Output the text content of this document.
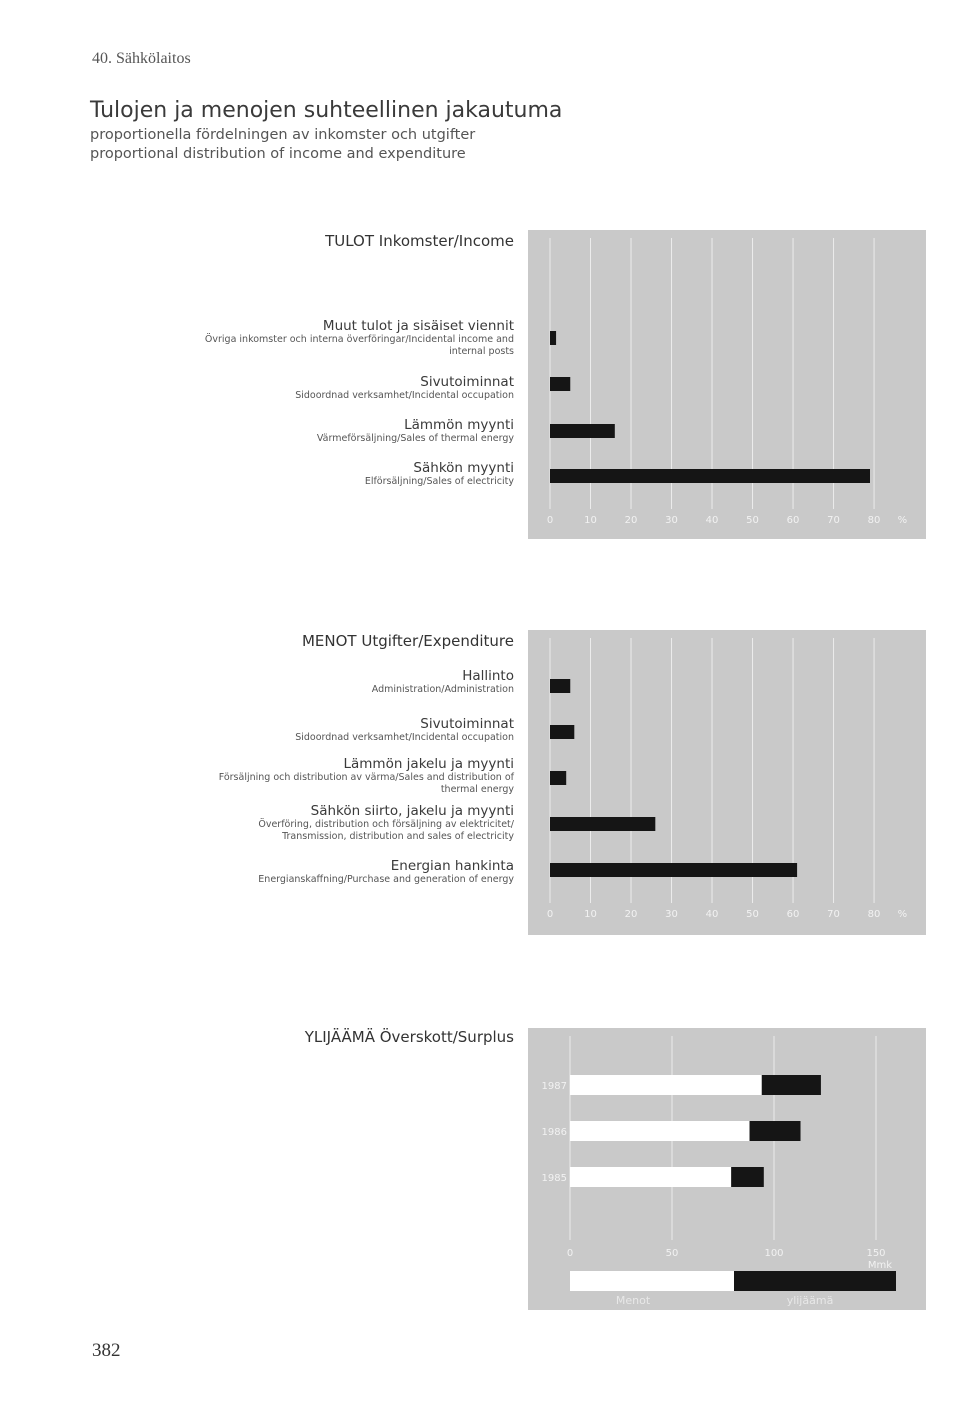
40. Sähkölaitos
Tulojen ja menojen suhteellinen jakautuma
proportionella fördelningen av inkomster och utgifter
proportional distribution of income and expenditure
TULOT Inkomster/Income
MENOT Utgifter/Expenditure
YLIJÄÄMÄ Överskott/Surplus
Muut tulot ja sisäiset viennit
Övriga inkomster och interna överföringar/Incidental income and
internal posts
Sivutoiminnat
Sidoordnad verksamhet/Incidental occupation
Lämmön myynti
Värmeförsäljning/Sales of thermal energy
Sähkön myynti
Elförsäljning/Sales of electricity
Hallinto
Administration/Administration
Sivutoiminnat
Sidoordnad verksamhet/Incidental occupation
Lämmön jakelu ja myynti
Försäljning och distribution av värma/Sales and distribution of
thermal energy
Sähkön siirto, jakelu ja myynti
Överföring, distribution och försäljning av elektricitet/
Transmission, distribution and sales of electricity
Energian hankinta
Energianskaffning/Purchase and generation of energy
0	10	20	30	40	50	60	70	80 %
0	10	20	30	40	50	60	70	80 %
1987
1986
1985
0	50	100	150
Mmk
Menot	ylijäämä
382
